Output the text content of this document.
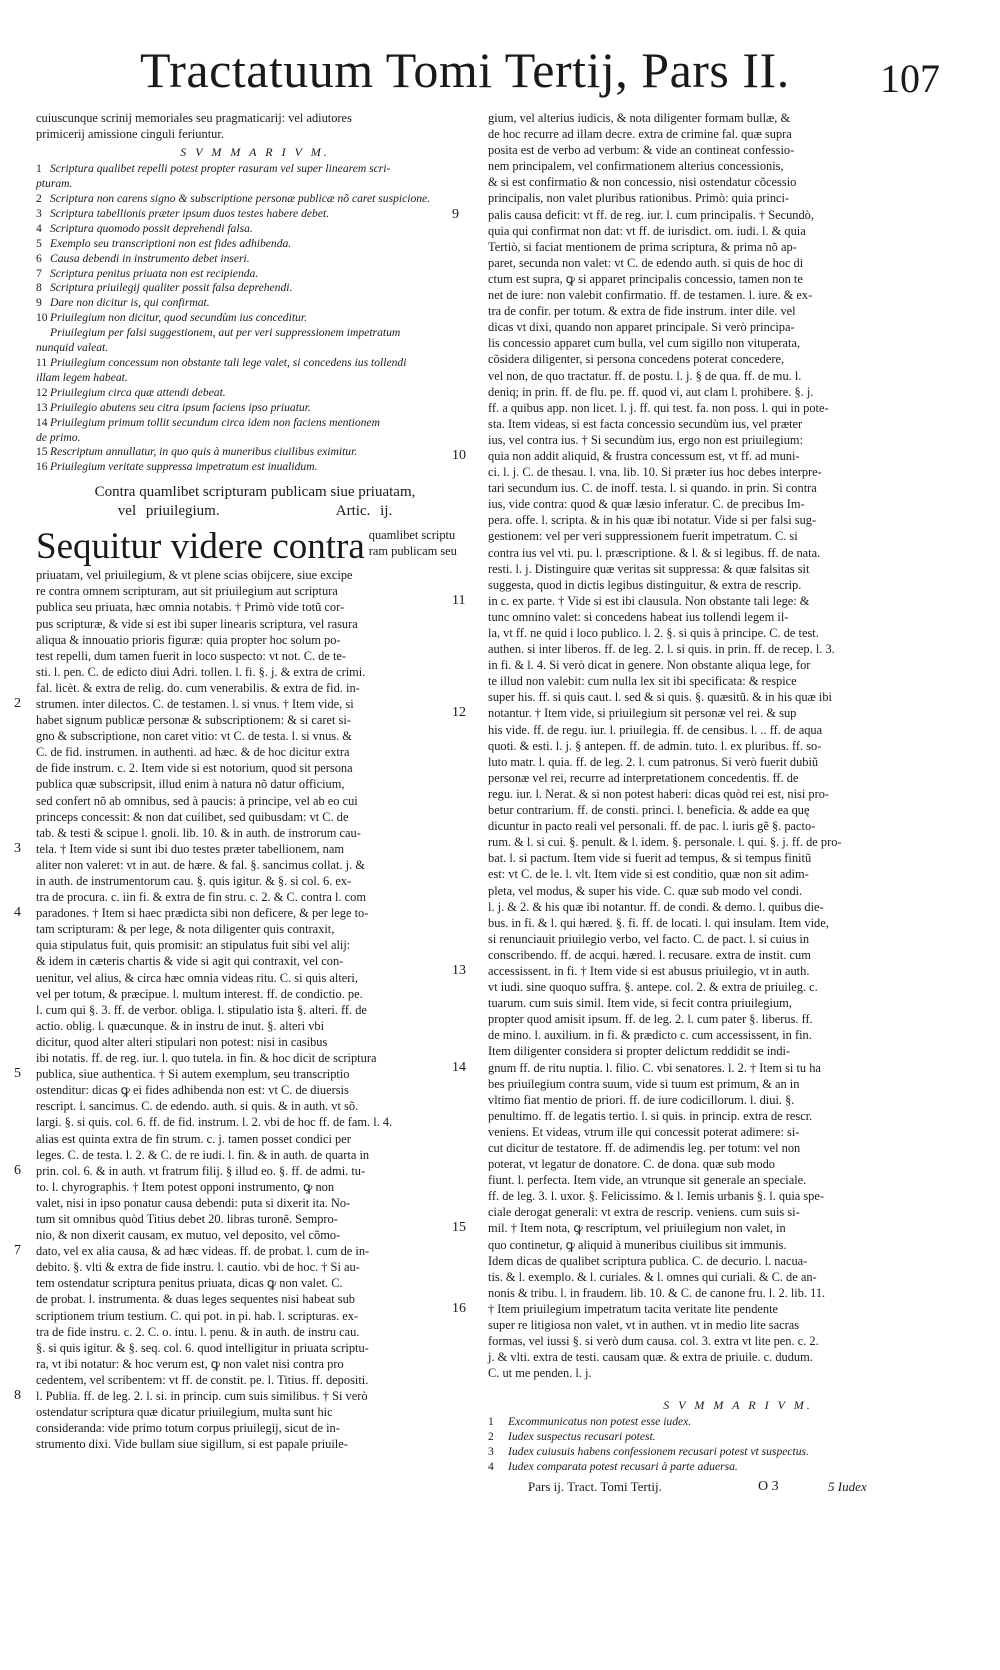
Tractatuum Tomi Tertij, Pars II. 107
cuiuscunque scrinij memoriales seu pragmaticarij: vel adiutores
primicerij amissione cinguli feriuntur.
S V M M A R I V M.
1 Scriptura qualibet repelli potest propter rasuram vel super linearem scri-
pturam.
2 Scriptura non carens signo & subscriptione personæ publicæ nõ caret suspicione.
3 Scriptura tabellionis præter ipsum duos testes habere debet.
4 Scriptura quomodo possit deprehendi falsa.
5 Exemplo seu transcriptioni non est fides adhibenda.
6 Causa debendi in instrumento debet inseri.
7 Scriptura penitus priuata non est recipienda.
8 Scriptura priuilegij qualiter possit falsa deprehendi.
9 Dare non dicitur is, qui confirmat.
10 Priuilegium non dicitur, quod secundùm ius conceditur.
Priuilegium per falsi suggestionem, aut per veri suppressionem impetratum
nunquid valeat.
11 Priuilegium concessum non obstante tali lege valet, si concedens ius tollendi
illam legem habeat.
12 Priuilegium circa quæ attendi debeat.
13 Priuilegio abutens seu citra ipsum faciens ipso priuatur.
14 Priuilegium primum tollit secundum circa idem non faciens mentionem
de primo.
15 Rescriptum annullatur, in quo quis à muneribus ciuilibus eximitur.
16 Priuilegium veritate suppressa impetratum est inualidum.
Contra quamlibet scripturam publicam siue priuatam,
vel priuilegium.	Artic. ij.
Sequitur videre contra quamlibet scriptu
ram publicam seu
priuatam, vel priuilegium, & vt plene scias obijcere, siue excipe
re contra omnem scripturam, aut sit priuilegium aut scriptura
publica seu priuata, hæc omnia notabis. † Primò vide totũ cor-
pus scripturæ, & vide si est ibi super linearis scriptura, vel rasura
aliqua & innouatio prioris figuræ: quia propter hoc solum po-
test repelli, dum tamen fuerit in loco suspecto: vt not. C. de te-
sti. l. pen. C. de edicto diui Adri. tollen. l. fi. §. j. & extra de crimi.
fal. licèt. & extra de relig. do. cum venerabilis. & extra de fid. in-
2 strumen. inter dilectos. C. de testamen. l. si vnus. † Item vide, si
habet signum publicæ personæ & subscriptionem: & si caret si-
gno & subscriptione, non caret vitio: vt C. de testa. l. si vnus. &
C. de fid. instrumen. in authenti. ad hæc. & de hoc dicitur extra
de fide instrum. c. 2. Item vide si est notorium, quod sit persona
publica quæ subscripsit, illud enim à natura nõ datur officium,
sed confert nõ ab omnibus, sed à paucis: à principe, vel ab eo cui
princeps concessit: & non dat cuilibet, sed quibusdam: vt C. de
tab. & testi & scipue l. gnoli. lib. 10. & in auth. de instrorum cau-
3 tela. † Item vide si sunt ibi duo testes præter tabellionem, nam
aliter non valeret: vt in aut. de hære. & fal. §. sancimus collat. j. &
in auth. de instrumentorum cau. §. quis igitur. & §. si col. 6. ex-
tra de procura. c. iin fi. & extra de fin stru. c. 2. & C. contra l. com
4 paradones. † Item si haec prædicta sibi non deficere, & per lege to-
tam scripturam: & per lege, & nota diligenter quis contraxit,
quia stipulatus fuit, quis promisit: an stipulatus fuit sibi vel alij:
& idem in cæteris chartis & vide si agit qui contraxit, vel con-
uenitur, vel alius, & circa hæc omnia videas ritu. C. si quis alteri,
vel per totum, & præcipue. l. multum interest. ff. de condictio. pe.
l. cum qui §. 3. ff. de verbor. obliga. l. stipulatio ista §. alteri. ff. de
actio. oblig. l. quæcunque. & in instru de inut. §. alteri vbi
dicitur, quod alter alteri stipulari non potest: nisi in casibus
ibi notatis. ff. de reg. iur. l. quo tutela. in fin. & hoc dicit de scriptura
5 publica, siue authentica. † Si autem exemplum, seu transcriptio
ostenditur: dicas ꝙ ei fides adhibenda non est: vt C. de diuersis
rescript. l. sancimus. C. de edendo. auth. si quis. & in auth. vt sõ.
largi. §. si quis. col. 6. ff. de fid. instrum. l. 2. vbi de hoc ff. de fam. l. 4.
alias est quinta extra de fin strum. c. j. tamen posset condici per
leges. C. de testa. l. 2. & C. de re iudi. l. fin. & in auth. de quarta in
6 prin. col. 6. & in auth. vt fratrum filij. § illud eo. §. ff. de admi. tu-
to. l. chyrographis. † Item potest opponi instrumento, ꝙ non
valet, nisi in ipso ponatur causa debendi: puta si dixerit ita. No-
tum sit omnibus quòd Titius debet 20. libras turonẽ. Sempro-
nio, & non dixerit causam, ex mutuo, vel deposito, vel cõmo-
7 dato, vel ex alia causa, & ad hæc videas. ff. de probat. l. cum de in-
debito. §. vlti & extra de fide instru. l. cautio. vbi de hoc. † Si au-
tem ostendatur scriptura penitus priuata, dicas ꝙ non valet. C.
de probat. l. instrumenta. & duas leges sequentes nisi habeat sub
scriptionem trium testium. C. qui pot. in pi. hab. l. scripturas. ex-
tra de fide instru. c. 2. C. o. intu. l. penu. & in auth. de instru cau.
§. si quis igitur. & §. seq. col. 6. quod intelligitur in priuata scriptu-
ra, vt ibi notatur: & hoc verum est, ꝙ non valet nisi contra pro
cedentem, vel scribentem: vt ff. de constit. pe. l. Titius. ff. depositi.
8 l. Publia. ff. de leg. 2. l. si. in princip. cum suis similibus. † Si verò
ostendatur scriptura quæ dicatur priuilegium, multa sunt hic
consideranda: vide primo totum corpus priuilegij, sicut de in-
strumento dixi. Vide bullam siue sigillum, si est papale priuile-
gium, vel alterius iudicis, & nota diligenter formam bullæ, &
de hoc recurre ad illam decre. extra de crimine fal. quæ supra
posita est de verbo ad verbum: & vide an contineat confessio-
nem principalem, vel confirmationem alterius concessionis,
& si est confirmatio & non concessio, nisi ostendatur cõcessio
principalis, non valet pluribus rationibus. Primò: quia princi-
9 palis causa deficit: vt ff. de reg. iur. l. cum principalis. † Secundò,
quia qui confirmat non dat: vt ff. de iurisdict. om. iudi. l. & quia
Tertiò, si faciat mentionem de prima scriptura, & prima nõ ap-
paret, secunda non valet: vt C. de edendo auth. si quis de hoc di
ctum est supra, ꝙ si apparet principalis concessio, tamen non te
net de iure: non valebit confirmatio. ff. de testamen. l. iure. & ex-
tra de confir. per totum. & extra de fide instrum. inter dile. vel
dicas vt dixi, quando non apparet principale. Si verò principa-
lis concessio apparet cum bulla, vel cum sigillo non vituperata,
cõsidera diligenter, si persona concedens poterat concedere,
vel non, de quo tractatur. ff. de postu. l. j. § de qua. ff. de mu. l.
deniq; in prin. ff. de flu. pe. ff. quod vi, aut clam l. prohibere. §. j.
ff. a quibus app. non licet. l. j. ff. qui test. fa. non poss. l. qui in pote-
sta. Item videas, si est facta concessio secundùm ius, vel præter
ius, vel contra ius. † Si secundùm ius, ergo non est priuilegium:
10 quia non addit aliquid, & frustra concessum est, vt ff. ad muni-
ci. l. j. C. de thesau. l. vna. lib. 10. Si præter ius hoc debes interpre-
tari secundum ius. C. de inoff. testa. l. si quando. in prin. Si contra
ius, vide contra: quod & quæ læsio inferatur. C. de precibus Im-
pera. offe. l. scripta. & in his quæ ibi notatur. Vide si per falsi sug-
gestionem: vel per veri suppressionem fuerit impetratum. C. si
contra ius vel vti. pu. l. præscriptione. & l. & si legibus. ff. de nata.
resti. l. j. Distinguire quæ veritas sit suppressa: & quæ falsitas sit
suggesta, quod in dictis legibus distinguitur, & extra de rescrip.
11 in c. ex parte. † Vide si est ibi clausula. Non obstante tali lege: &
tunc omnino valet: si concedens habeat ius tollendi legem il-
la, vt ff. ne quid i loco publico. l. 2. §. si quis à principe. C. de test.
authen. si inter liberos. ff. de leg. 2. l. si quis. in prin. ff. de recep. l. 3.
in fi. & l. 4. Si verò dicat in genere. Non obstante aliqua lege, for
te illud non valebit: cum nulla lex sit ibi specificata: & respice
super his. ff. si quis caut. l. sed & si quis. §. quæsitũ. & in his quæ ibi
12 notantur. † Item vide, si priuilegium sit personæ vel rei. & sup
his vide. ff. de regu. iur. l. priuilegia. ff. de censibus. l. .. ff. de aqua
quoti. & esti. l. j. § antepen. ff. de admin. tuto. l. ex pluribus. ff. so-
luto matr. l. quia. ff. de leg. 2. l. cum patronus. Si verò fuerit dubiũ
personæ vel rei, recurre ad interpretationem concedentis. ff. de
regu. iur. l. Nerat. & si non potest haberi: dicas quòd rei est, nisi pro-
betur contrarium. ff. de consti. princi. l. beneficia. & adde ea quę
dicuntur in pacto reali vel personali. ff. de pac. l. iuris gẽ §. pacto-
rum. & l. si cui. §. penult. & l. idem. §. personale. l. qui. §. j. ff. de pro-
bat. l. si pactum. Item vide si fuerit ad tempus, & si tempus finitũ
est: vt C. de le. l. vlt. Item vide si est conditio, quæ non sit adim-
pleta, vel modus, & super his vide. C. quæ sub modo vel condi.
l. j. & 2. & his quæ ibi notantur. ff. de condi. & demo. l. quibus die-
bus. in fi. & l. qui hæred. §. fi. ff. de locati. l. qui insulam. Item vide,
si renunciauit priuilegio verbo, vel facto. C. de pact. l. si cuius in
conscribendo. ff. de acqui. hæred. l. recusare. extra de instit. cum
13 accessissent. in fi. † Item vide si est abusus priuilegio, vt in auth.
vt iudi. sine quoquo suffra. §. antepe. col. 2. & extra de priuileg. c.
tuarum. cum suis simil. Item vide, si fecit contra priuilegium,
propter quod amisit ipsum. ff. de leg. 2. l. cum pater §. liberus. ff.
de mino. l. auxilium. in fi. & prædicto c. cum accessissent, in fin.
Item diligenter considera si propter delictum reddidit se indi-
14 gnum ff. de ritu nuptia. l. filio. C. vbi senatores. l. 2. † Item si tu ha
bes priuilegium contra suum, vide si tuum est primum, & an in
vltimo fiat mentio de priori. ff. de iure codicillorum. l. diui. §.
penultimo. ff. de legatis tertio. l. si quis. in princip. extra de rescr.
veniens. Et videas, vtrum ille qui concessit poterat adimere: si-
cut dicitur de testatore. ff. de adimendis leg. per totum: vel non
poterat, vt legatur de donatore. C. de dona. quæ sub modo
fiunt. l. perfecta. Item vide, an vtrunque sit generale an speciale.
ff. de leg. 3. l. uxor. §. Felicissimo. & l. Iemis urbanis §. l. quia spe-
ciale derogat generali: vt extra de rescrip. veniens. cum suis si-
15 mil. † Item nota, ꝙ rescriptum, vel priuilegium non valet, in
quo continetur, ꝙ aliquid à muneribus ciuilibus sit immunis.
Idem dicas de qualibet scriptura publica. C. de decurio. l. nacua-
tis. & l. exemplo. & l. curiales. & l. omnes qui curiali. & C. de an-
nonis & tribu. l. in fraudem. lib. 10. & C. de canone fru. l. 2. lib. 11.
16 † Item priuilegium impetratum tacita veritate lite pendente
super re litigiosa non valet, vt in authen. vt in medio lite sacras
formas, vel iussi §. si verò dum causa. col. 3. extra vt lite pen. c. 2.
j. & vlti. extra de testi. causam quæ. & extra de priuile. c. dudum.
C. ut me penden. l. j.
S V M M A R I V M.
1 Excommunicatus non potest esse iudex.
2 Iudex suspectus recusari potest.
3 Iudex cuiusuis habens confessionem recusari potest vt suspectus.
4 Iudex comparata potest recusari à parte aduersa.
Pars ij. Tract. Tomi Tertij.	O 3	5 Iudex
